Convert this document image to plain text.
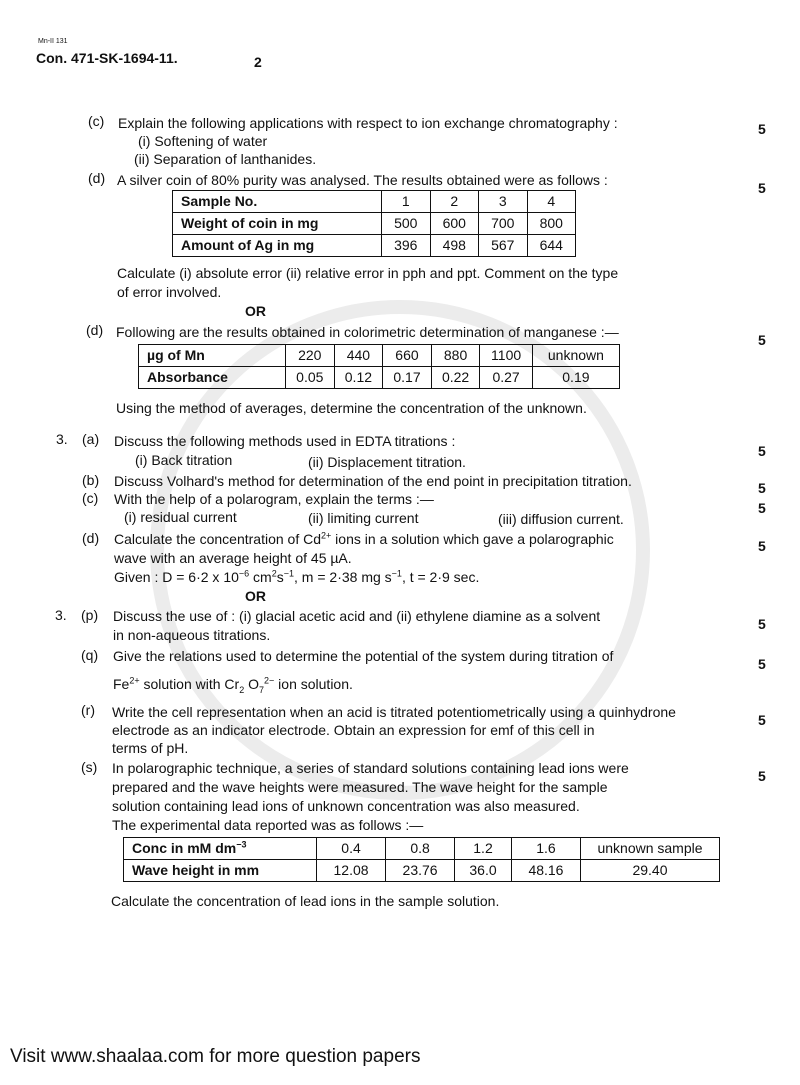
Mn-II 131
Con. 471-SK-1694-11.	2
(c) Explain the following applications with respect to ion exchange chromatography :	5
(i) Softening of water
(ii) Separation of lanthanides.
(d) A silver coin of 80% purity was analysed. The results obtained were as follows :	5
Sample No.	1	2	3	4
Weight of coin in mg	500	600	700	800
Amount of Ag in mg	396	498	567	644
Calculate (i) absolute error (ii) relative error in pph and ppt. Comment on the type
of error involved.
OR
(d) Following are the results obtained in colorimetric determination of manganese :—	5
µg of Mn	220	440	660	880	1100	unknown
Absorbance	0.05	0.12	0.17	0.22	0.27	0.19
Using the method of averages, determine the concentration of the unknown.
3. (a) Discuss the following methods used in EDTA titrations :
5
(i) Back titration	(ii) Displacement titration.
(b) Discuss Volhard's method for determination of the end point in precipitation titration.	5
(c) With the help of a polarogram, explain the terms :—
5
(i) residual current	(ii) limiting current	(iii) diffusion current.
(d) Calculate the concentration of $Cd^{2+}$ ions in a solution which gave a polarographic	5
wave with an average height of 45 µA.
Given : D = 6·2 x $10^{-6}$ $cm^2s^{-1}$, m = 2·38 mg $s^{-1}$, t = 2·9 sec.
OR
3. (p) Discuss the use of : (i) glacial acetic acid and (ii) ethylene diamine as a solvent	5
in non-aqueous titrations.
(q) Give the relations used to determine the potential of the system during titration of	5
$Fe^{2+}$ solution with $Cr_2$ $O_7^{2-}$ ion solution.
(r) Write the cell representation when an acid is titrated potentiometrically using a quinhydrone	5
electrode as an indicator electrode. Obtain an expression for emf of this cell in
terms of pH.
(s) In polarographic technique, a series of standard solutions containing lead ions were	5
prepared and the wave heights were measured. The wave height for the sample
solution containing lead ions of unknown concentration was also measured.
The experimental data reported was as follows :—
Conc in mM $dm^{-3}$	0.4	0.8	1.2	1.6	unknown sample
Wave height in mm	12.08	23.76	36.0	48.16	29.40
Calculate the concentration of lead ions in the sample solution.
Visit www.shaalaa.com for more question papers
